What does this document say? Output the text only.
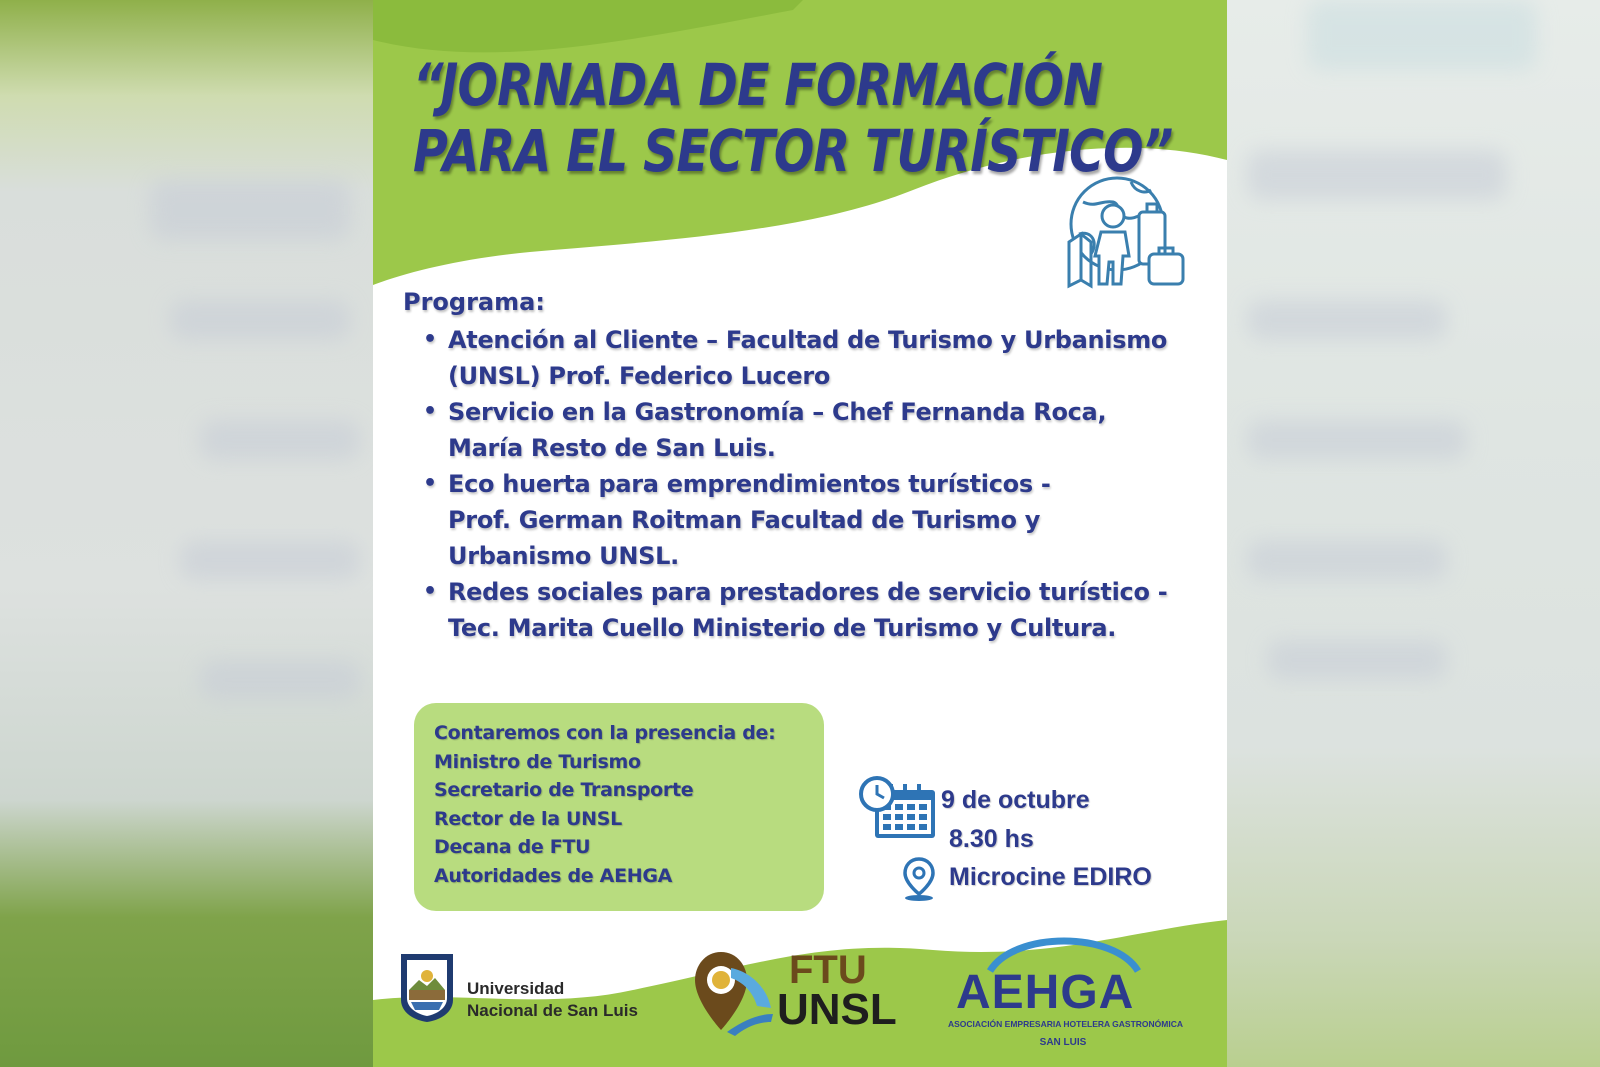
“JORNADA DE FORMACIÓN
PARA EL SECTOR TURÍSTICO”

Programa:

• Atención al Cliente – Facultad de Turismo y Urbanismo
(UNSL) Prof. Federico Lucero
• Servicio en la Gastronomía – Chef Fernanda Roca,
María Resto de San Luis.
• Eco huerta para emprendimientos turísticos -
Prof. German Roitman Facultad de Turismo y
Urbanismo UNSL.
• Redes sociales para prestadores de servicio turístico -
Tec. Marita Cuello Ministerio de Turismo y Cultura.
Contaremos con la presencia de:
Ministro de Turismo
Secretario de Transporte
Rector de la UNSL
Decana de FTU
Autoridades de AEHGA
9 de octubre
8.30 hs
Microcine EDIRO

Universidad
Nacional de San Luis

FTU
UNSL AEHGA

ASOCIACIÓN EMPRESARIA HOTELERA GASTRONÓMICA

SAN LUIS
